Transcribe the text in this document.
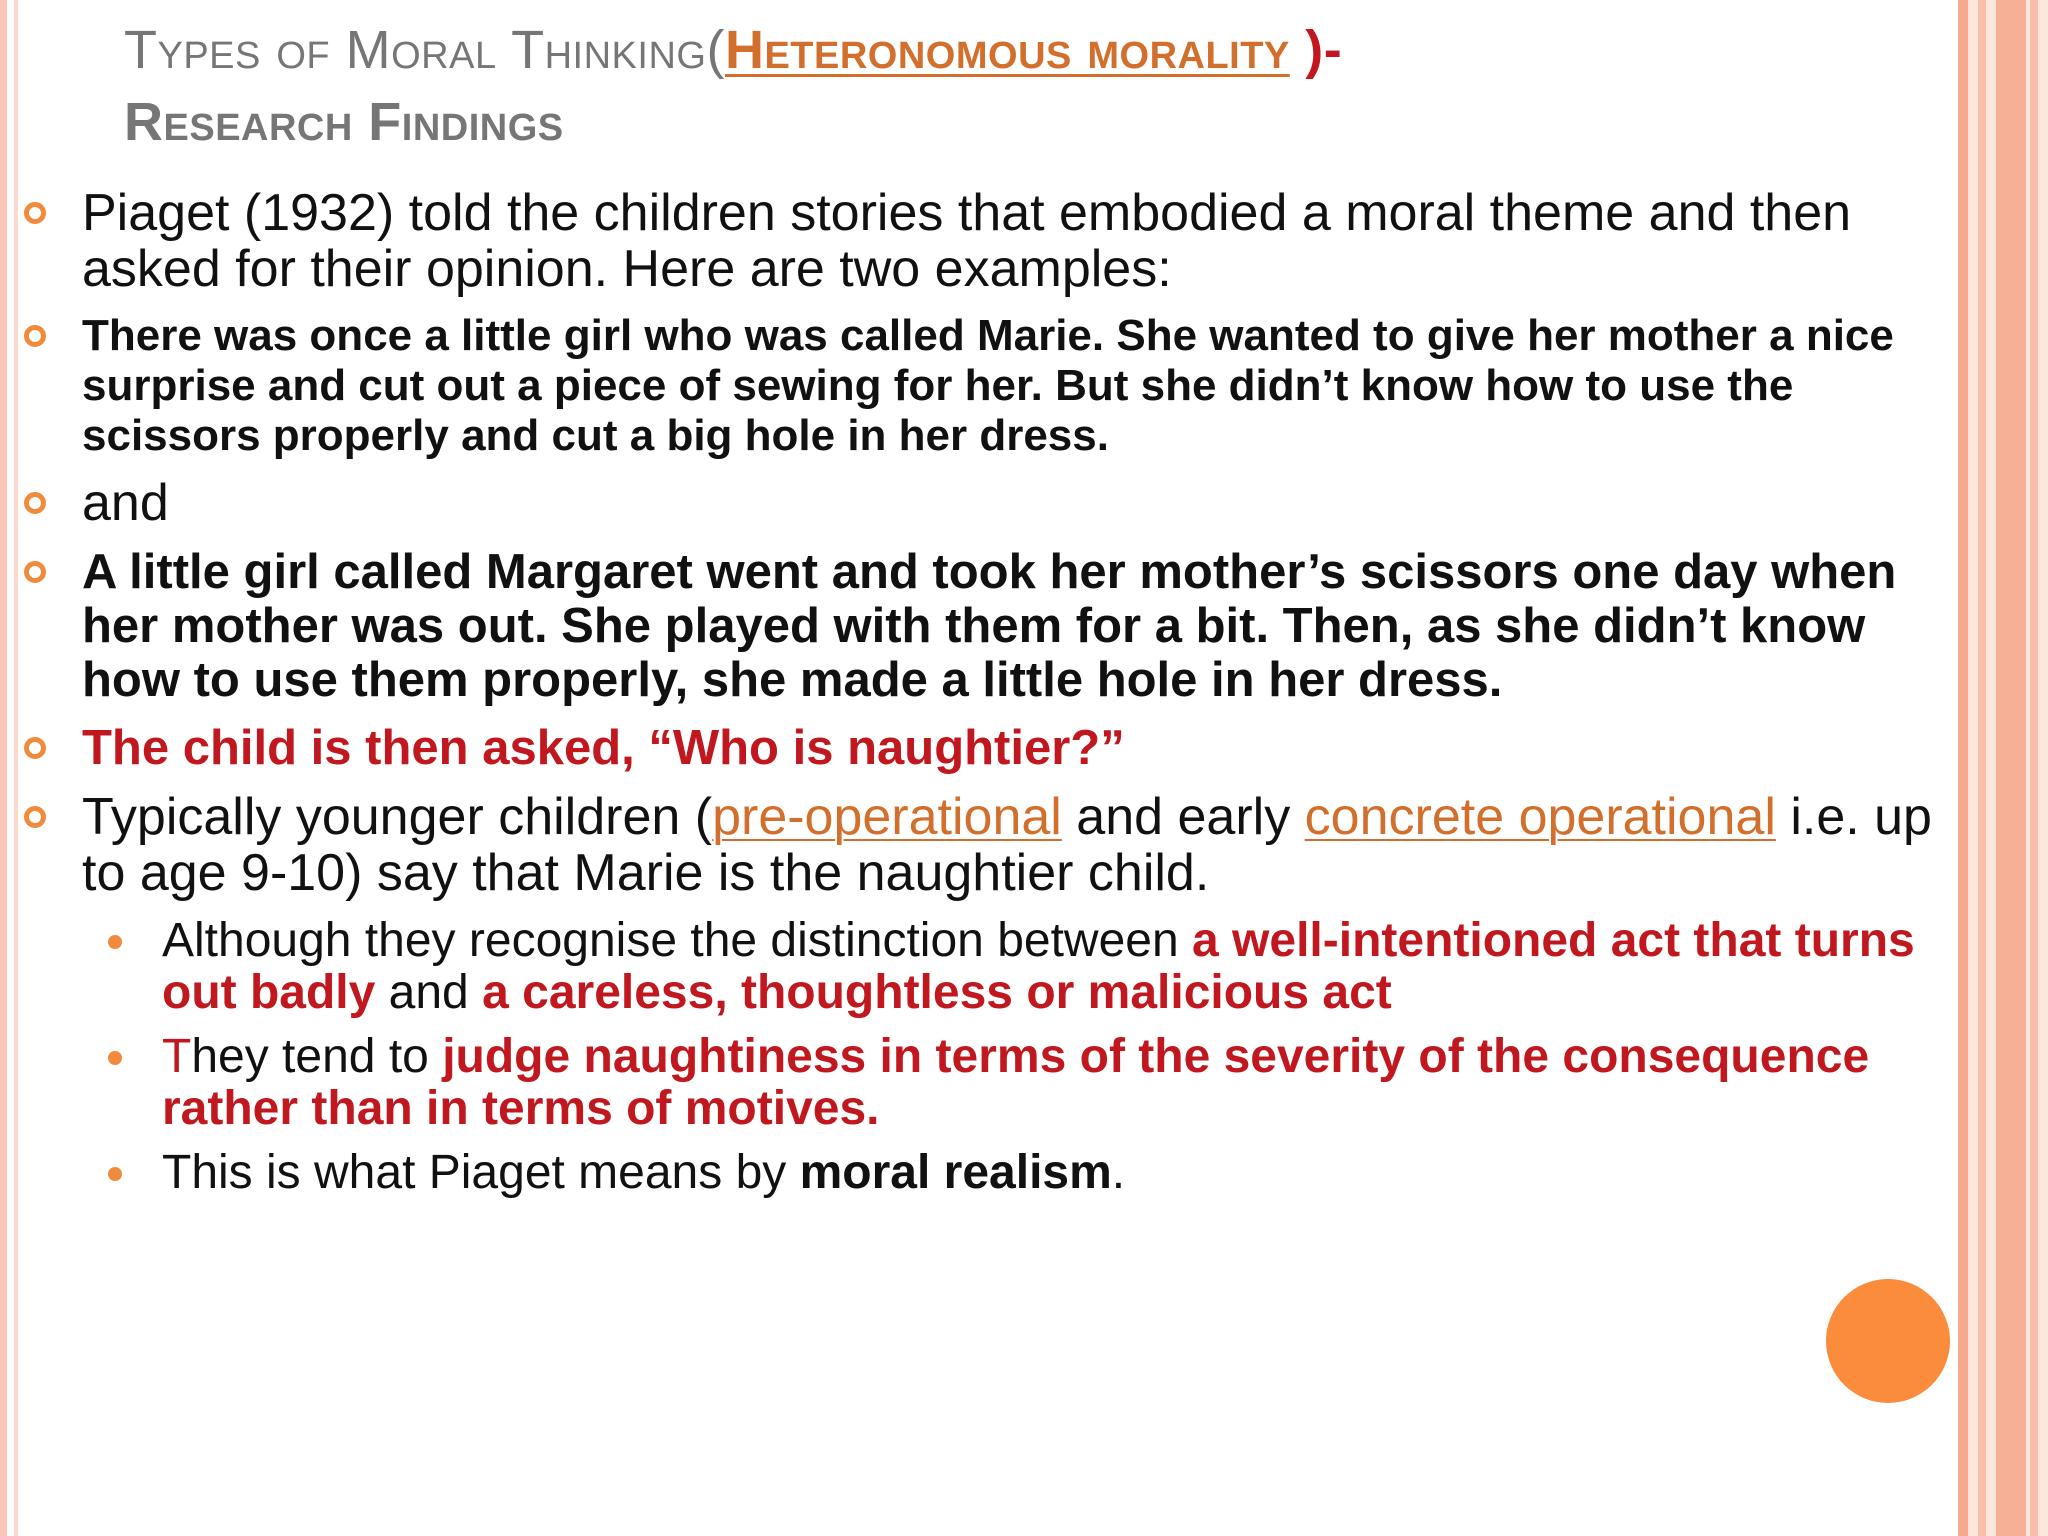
Types of Moral Thinking(Heteronomous morality )-
Research Findings
Piaget (1932) told the children stories that embodied a moral theme and then asked for their opinion. Here are two examples:
There was once a little girl who was called Marie. She wanted to give her mother a nice surprise and cut out a piece of sewing for her. But she didn’t know how to use the scissors properly and cut a big hole in her dress.
and
A little girl called Margaret went and took her mother’s scissors one day when her mother was out. She played with them for a bit. Then, as she didn’t know how to use them properly, she made a little hole in her dress.
The child is then asked, “Who is naughtier?”
Typically younger children (pre-operational and early concrete operational i.e. up to age 9-10) say that Marie is the naughtier child.
Although they recognise the distinction between a well-intentioned act that turns out badly and a careless, thoughtless or malicious act
They tend to judge naughtiness in terms of the severity of the consequence rather than in terms of motives.
This is what Piaget means by moral realism.
